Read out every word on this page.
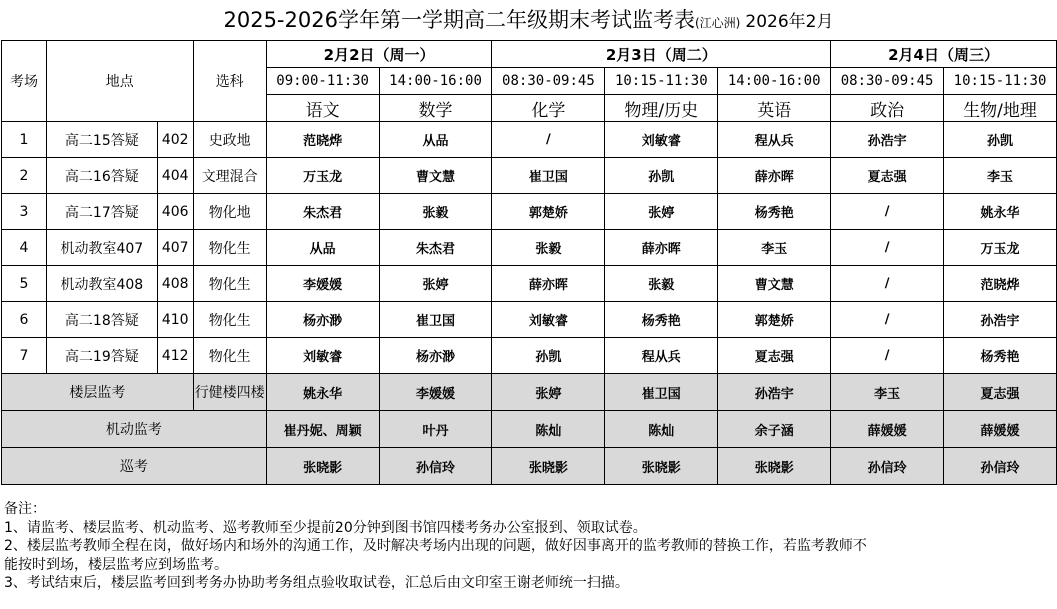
2025-2026学年第一学期高二年级期末考试监考表(江心洲) 2026年2月
考场	地点		选科	2月2日（周一）		2月3日（周二）			2月4日（周三）	
				09:00-11:30	14:00-16:00	08:30-09:45	10:15-11:30	14:00-16:00	08:30-09:45	10:15-11:30
				语文	数学	化学	物理/历史	英语	政治	生物/地理
1	高二15答疑	402	史政地	范晓烨	从品	/	刘敏睿	程从兵	孙浩宇	孙凯
2	高二16答疑	404	文理混合	万玉龙	曹文慧	崔卫国	孙凯	薛亦晖	夏志强	李玉
3	高二17答疑	406	物化地	朱杰君	张毅	郭楚娇	张婷	杨秀艳	/	姚永华
4	机动教室407	407	物化生	从品	朱杰君	张毅	薛亦晖	李玉	/	万玉龙
5	机动教室408	408	物化生	李媛媛	张婷	薛亦晖	张毅	曹文慧	/	范晓烨
6	高二18答疑	410	物化生	杨亦渺	崔卫国	刘敏睿	杨秀艳	郭楚娇	/	孙浩宇
7	高二19答疑	412	物化生	刘敏睿	杨亦渺	孙凯	程从兵	夏志强	/	杨秀艳
楼层监考			行健楼四楼	姚永华	李媛媛	张婷	崔卫国	孙浩宇	李玉	夏志强
机动监考				崔丹妮、周颖	叶丹	陈灿	陈灿	余子涵	薛媛媛	薛媛媛
巡考				张晓影	孙信玲	张晓影	张晓影	张晓影	孙信玲	孙信玲
备注：
1、请监考、楼层监考、机动监考、巡考教师至少提前20分钟到图书馆四楼考务办公室报到、领取试卷。
2、楼层监考教师全程在岗，做好场内和场外的沟通工作，及时解决考场内出现的问题，做好因事离开的监考教师的替换工作，若监考教师不
能按时到场，楼层监考应到场监考。
3、考试结束后，楼层监考回到考务办协助考务组点验收取试卷，汇总后由文印室王谢老师统一扫描。
